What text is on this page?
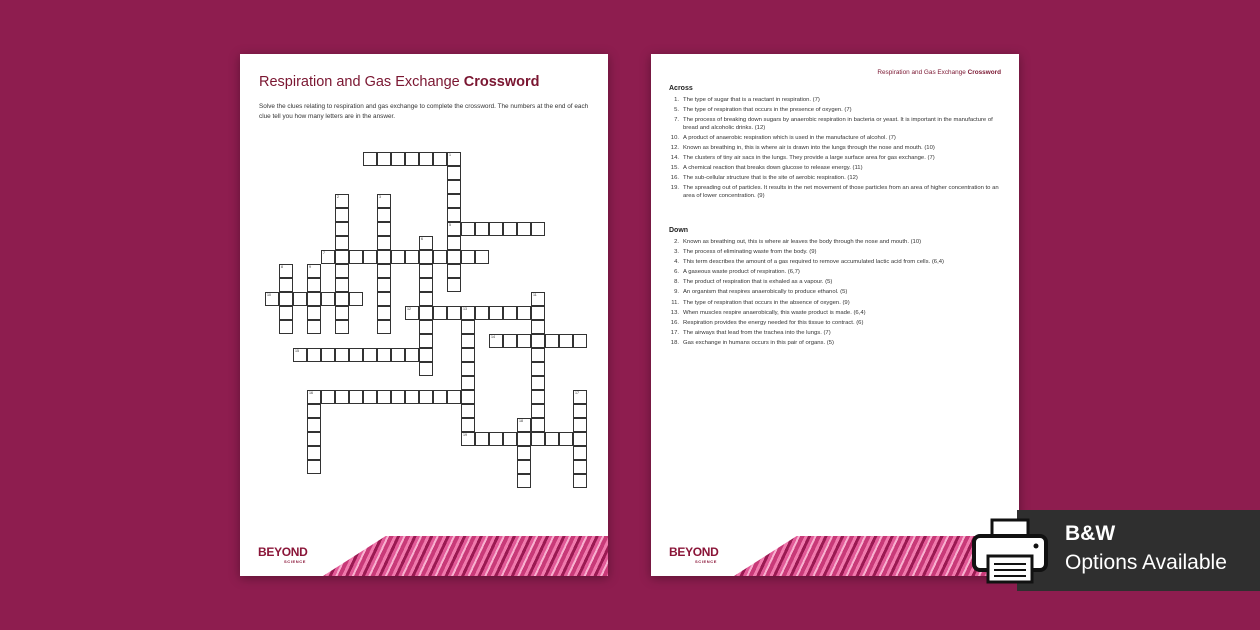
Respiration and Gas Exchange Crossword
Solve the clues relating to respiration and gas exchange to complete the crossword. The numbers at the end of each clue tell you how many letters are in the answer.
1
5
2	3
6
7
8	9
10	11
12	13
19
14
15
16	17
18
BEYOND
SCIENCE
Respiration and Gas Exchange Crossword
Across
1. The type of sugar that is a reactant in respiration. (7)
5. The type of respiration that occurs in the presence of oxygen. (7)
7. The process of breaking down sugars by anaerobic respiration in bacteria or yeast. It is important in the manufacture of bread and alcoholic drinks. (12)
10. A product of anaerobic respiration which is used in the manufacture of alcohol. (7)
12. Known as breathing in, this is where air is drawn into the lungs through the nose and mouth. (10)
14. The clusters of tiny air sacs in the lungs. They provide a large surface area for gas exchange. (7)
15. A chemical reaction that breaks down glucose to release energy. (11)
16. The sub-cellular structure that is the site of aerobic respiration. (12)
19. The spreading out of particles. It results in the net movement of those particles from an area of higher concentration to an area of lower concentration. (9)
Down
2. Known as breathing out, this is where air leaves the body through the nose and mouth. (10)
3. The process of eliminating waste from the body. (9)
4. This term describes the amount of a gas required to remove accumulated lactic acid from cells. (6,4)
6. A gaseous waste product of respiration. (6,7)
8. The product of respiration that is exhaled as a vapour. (5)
9. An organism that respires anaerobically to produce ethanol. (5)
11. The type of respiration that occurs in the absence of oxygen. (9)
13. When muscles respire anaerobically, this waste product is made. (6,4)
16. Respiration provides the energy needed for this tissue to contract. (6)
17. The airways that lead from the trachea into the lungs. (7)
18. Gas exchange in humans occurs in this pair of organs. (5)
BEYOND
SCIENCE
B&W
Options Available
